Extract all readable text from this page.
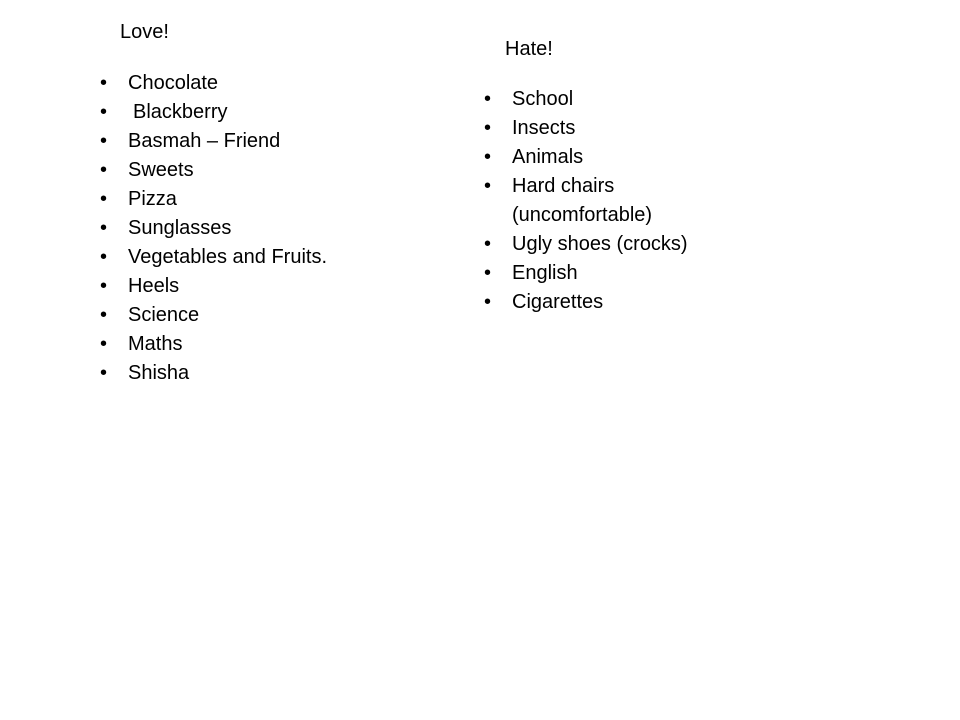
Love!
• Chocolate
• Blackberry
• Basmah – Friend
• Sweets
• Pizza
• Sunglasses
• Vegetables and Fruits.
• Heels
• Science
• Maths
• Shisha
Hate!
• School
• Insects
• Animals
• Hard chairs (uncomfortable)
• Ugly shoes (crocks)
• English
• Cigarettes
